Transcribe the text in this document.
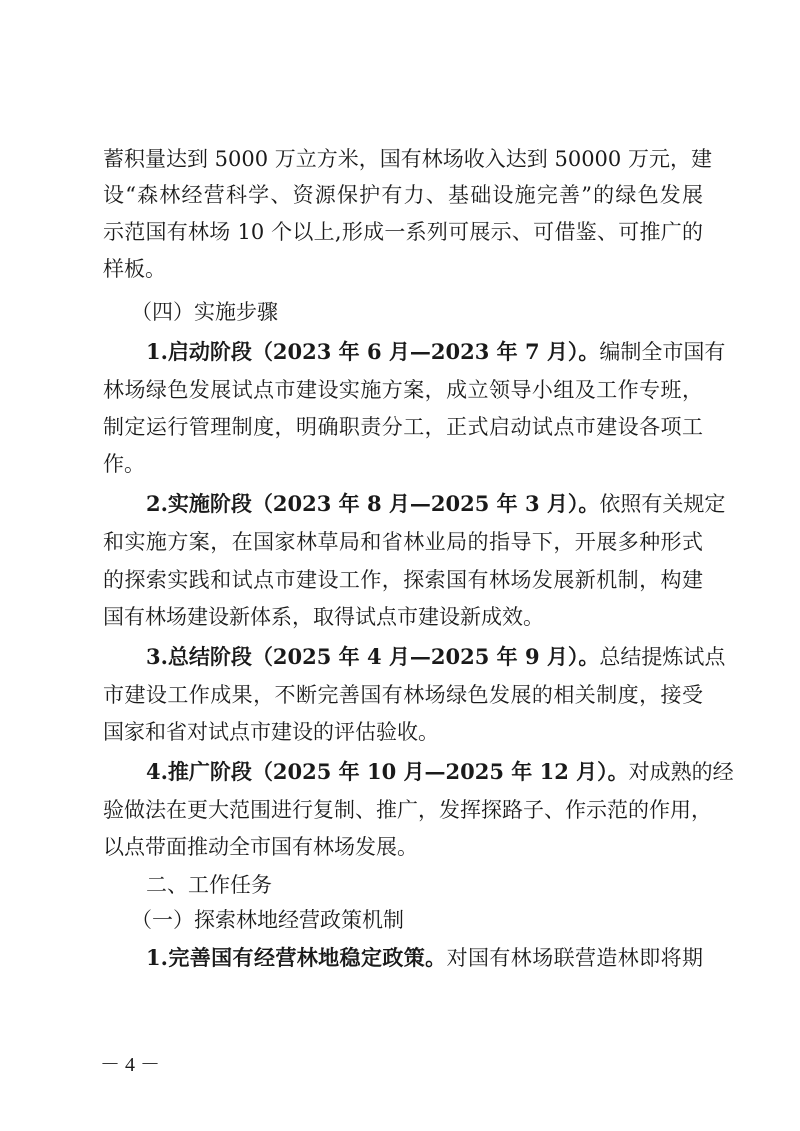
蓄积量达到 5000 万立方米，国有林场收入达到 50000 万元，建
设“森林经营科学、资源保护有力、基础设施完善”的绿色发展
示范国有林场 10 个以上,形成一系列可展示、可借鉴、可推广的
样板。
（四）实施步骤
1.启动阶段（2023 年 6 月—2023 年 7 月）。编制全市国有
林场绿色发展试点市建设实施方案，成立领导小组及工作专班，
制定运行管理制度，明确职责分工，正式启动试点市建设各项工
作。
2.实施阶段（2023 年 8 月—2025 年 3 月）。依照有关规定
和实施方案，在国家林草局和省林业局的指导下，开展多种形式
的探索实践和试点市建设工作，探索国有林场发展新机制，构建
国有林场建设新体系，取得试点市建设新成效。
3.总结阶段（2025 年 4 月—2025 年 9 月）。总结提炼试点
市建设工作成果，不断完善国有林场绿色发展的相关制度，接受
国家和省对试点市建设的评估验收。
4.推广阶段（2025 年 10 月—2025 年 12 月）。对成熟的经
验做法在更大范围进行复制、推广，发挥探路子、作示范的作用，
以点带面推动全市国有林场发展。
二、工作任务
（一）探索林地经营政策机制
1.完善国有经营林地稳定政策。对国有林场联营造林即将期
－ 4 －
